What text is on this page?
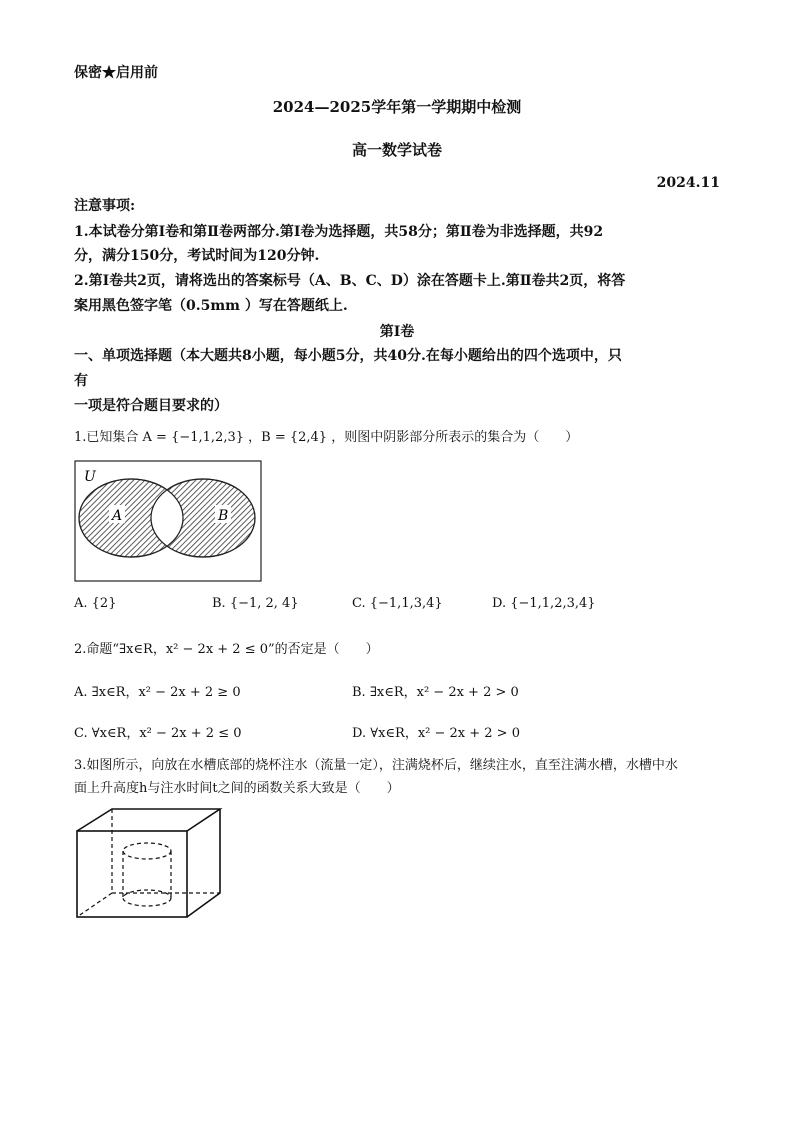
保密★启用前
2024—2025学年第一学期期中检测
高一数学试卷
2024.11
注意事项:
1.本试卷分第Ⅰ卷和第Ⅱ卷两部分.第Ⅰ卷为选择题，共58分；第Ⅱ卷为非选择题，共92
分，满分150分，考试时间为120分钟.
2.第Ⅰ卷共2页，请将选出的答案标号（A、B、C、D）涂在答题卡上.第Ⅱ卷共2页，将答
案用黑色签字笔（0.5mm ）写在答题纸上.
第Ⅰ卷
一、单项选择题（本大题共8小题，每小题5分，共40分.在每小题给出的四个选项中，只
有
一项是符合题目要求的）
1.已知集合 A = {−1,1,2,3} ，B = {2,4} ，则图中阴影部分所表示的集合为（　　）
U
A	B
A. {2}	B. {−1, 2, 4}	C. {−1,1,3,4}	D. {−1,1,2,3,4}
2.命题“∃x∈R，x² − 2x + 2 ≤ 0”的否定是（　　）
A. ∃x∈R，x² − 2x + 2 ≥ 0	B. ∃x∈R，x² − 2x + 2 > 0
C. ∀x∈R，x² − 2x + 2 ≤ 0	D. ∀x∈R，x² − 2x + 2 > 0
3.如图所示，向放在水槽底部的烧杯注水（流量一定），注满烧杯后，继续注水，直至注满水槽，水槽中水
面上升高度h与注水时间t之间的函数关系大致是（　　）
